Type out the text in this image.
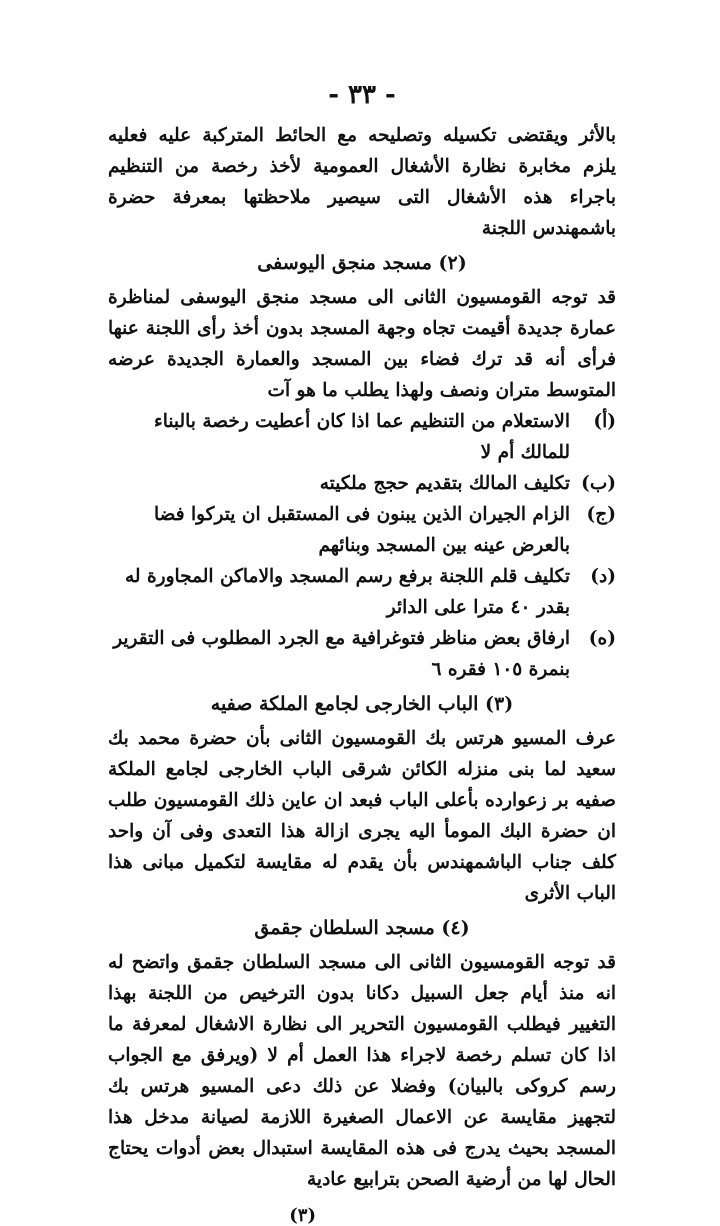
- ٣٣ -

بالأثر ويقتضى تكسيله وتصليحه مع الحائط المتركبة عليه فعليه يلزم مخابرة نظارة الأشغال العمومية لأخذ رخصة من التنظيم باجراء هذه الأشغال التى سيصير ملاحظتها بمعرفة حضرة باشمهندس اللجنة

(٢) مسجد منجق اليوسفى

قد توجه القومسيون الثانى الى مسجد منجق اليوسفى لمناظرة عمارة جديدة أقيمت تجاه وجهة المسجد بدون أخذ رأى اللجنة عنها فرأى أنه قد ترك فضاء بين المسجد والعمارة الجديدة عرضه المتوسط متران ونصف ولهذا يطلب ما هو آت

(أ)
الاستعلام من التنظيم عما اذا كان أعطيت رخصة بالبناء للمالك أم لا
(ب)
تكليف المالك بتقديم حجج ملكيته
(ج)
الزام الجيران الذين يبنون فى المستقبل ان يتركوا فضا بالعرض عينه بين المسجد وبنائهم
(د)
تكليف قلم اللجنة برفع رسم المسجد والاماكن المجاورة له بقدر ٤٠ مترا على الدائر
(ه)
ارفاق بعض مناظر فتوغرافية مع الجرد المطلوب فى التقرير بنمرة ١٠٥ فقره ٦
(٣) الباب الخارجى لجامع الملكة صفيه

عرف المسيو هرتس بك القومسيون الثانى بأن حضرة محمد بك سعيد لما بنى منزله الكائن شرقى الباب الخارجى لجامع الملكة صفيه بر زعوارده بأعلى الباب فبعد ان عاين ذلك القومسيون طلب ان حضرة البك المومأ اليه يجرى ازالة هذا التعدى وفى آن واحد كلف جناب الباشمهندس بأن يقدم له مقايسة لتكميل مبانى هذا الباب الأثرى

(٤) مسجد السلطان جقمق

قد توجه القومسيون الثانى الى مسجد السلطان جقمق واتضح له انه منذ أيام جعل السبيل دكانا بدون الترخيص من اللجنة بهذا التغيير فيطلب القومسيون التحرير الى نظارة الاشغال لمعرفة ما اذا كان تسلم رخصة لاجراء هذا العمل أم لا (ويرفق مع الجواب رسم كروكى بالبيان) وفضلا عن ذلك دعى المسيو هرتس بك لتجهيز مقايسة عن الاعمال الصغيرة اللازمة لصيانة مدخل هذا المسجد بحيث يدرج فى هذه المقايسة استبدال بعض أدوات يحتاج الحال لها من أرضية الصحن بترابيع عادية

(٣)
